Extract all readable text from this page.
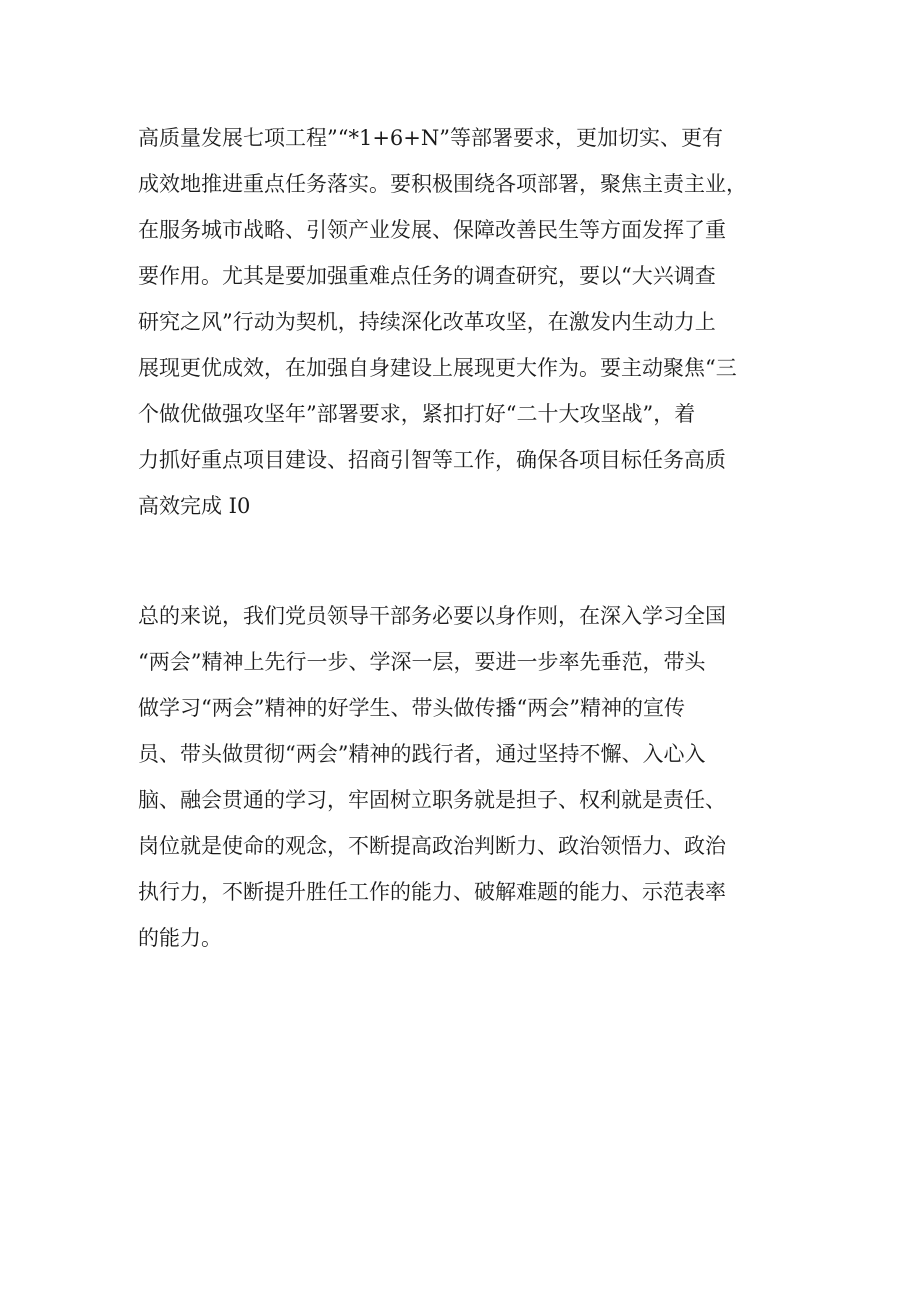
高质量发展七项工程”“*1+6+N”等部署要求，更加切实、更有
成效地推进重点任务落实。要积极围绕各项部署，聚焦主责主业，
在服务城市战略、引领产业发展、保障改善民生等方面发挥了重
要作用。尤其是要加强重难点任务的调查研究，要以“大兴调查
研究之风”行动为契机，持续深化改革攻坚，在激发内生动力上
展现更优成效，在加强自身建设上展现更大作为。要主动聚焦“三
个做优做强攻坚年”部署要求，紧扣打好“二十大攻坚战”，着
力抓好重点项目建设、招商引智等工作，确保各项目标任务高质
高效完成 I0
总的来说，我们党员领导干部务必要以身作则，在深入学习全国
“两会”精神上先行一步、学深一层，要进一步率先垂范，带头
做学习“两会”精神的好学生、带头做传播“两会”精神的宣传
员、带头做贯彻“两会”精神的践行者，通过坚持不懈、入心入
脑、融会贯通的学习，牢固树立职务就是担子、权利就是责任、
岗位就是使命的观念，不断提高政治判断力、政治领悟力、政治
执行力，不断提升胜任工作的能力、破解难题的能力、示范表率
的能力。
